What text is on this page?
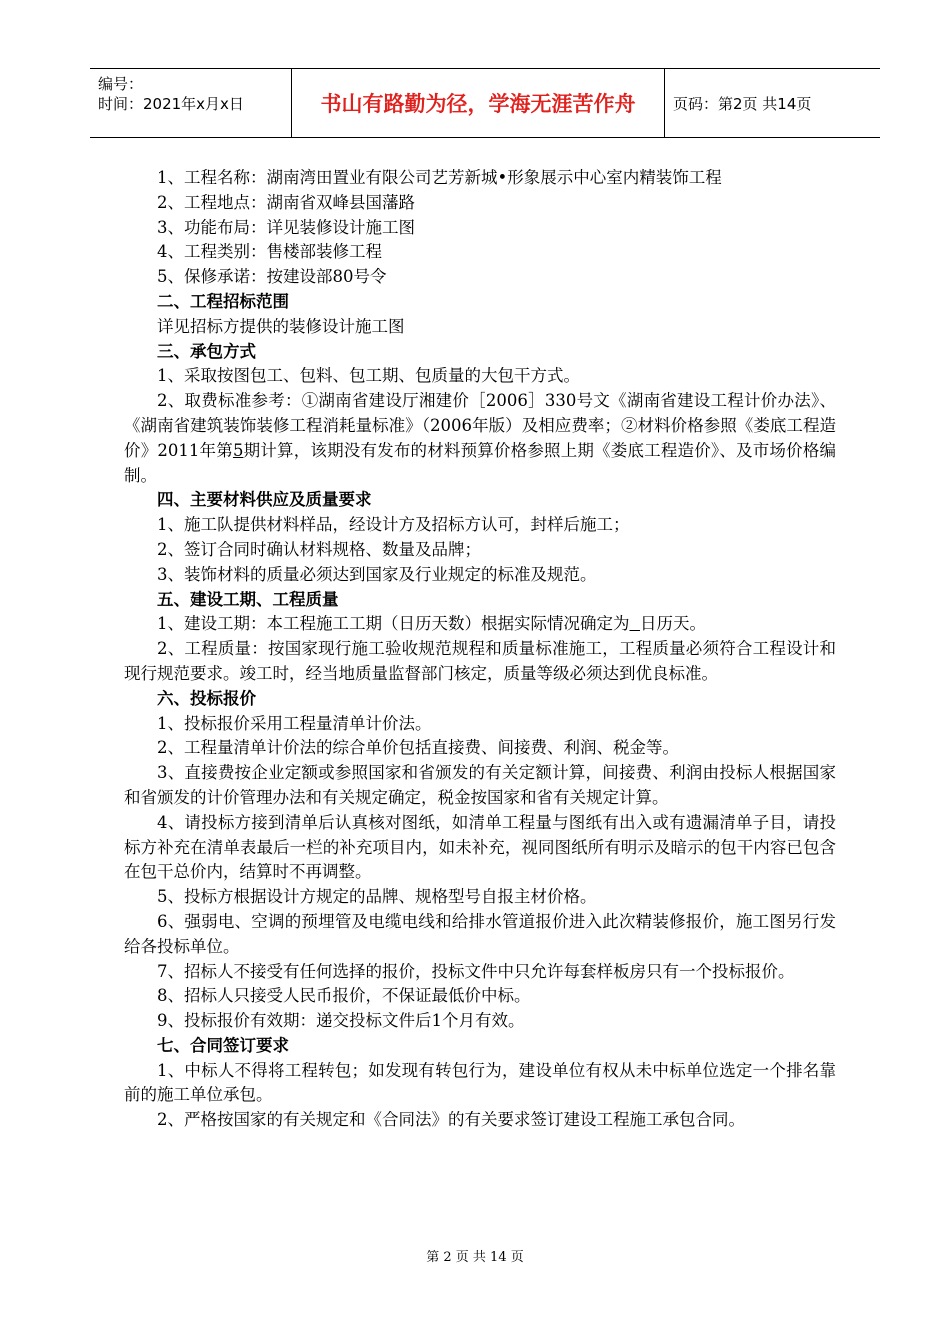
编号：
时间：2021年x月x日	书山有路勤为径，学海无涯苦作舟	页码：第2页 共14页

1、工程名称：湖南湾田置业有限公司艺芳新城•形象展示中心室内精装饰工程

2、工程地点：湖南省双峰县国藩路

3、功能布局：详见装修设计施工图

4、工程类别：售楼部装修工程

5、保修承诺：按建设部80号令

二、工程招标范围

详见招标方提供的装修设计施工图

三、承包方式

1、采取按图包工、包料、包工期、包质量的大包干方式。

2、取费标准参考：①湖南省建设厅湘建价［2006］330号文《湖南省建设工程计价办法》、《湖南省建筑装饰装修工程消耗量标准》（2006年版）及相应费率；②材料价格参照《娄底工程造价》2011年第5期计算，该期没有发布的材料预算价格参照上期《娄底工程造价》、及市场价格编制。

四、主要材料供应及质量要求

1、施工队提供材料样品，经设计方及招标方认可，封样后施工；

2、签订合同时确认材料规格、数量及品牌；

3、装饰材料的质量必须达到国家及行业规定的标准及规范。

五、建设工期、工程质量

1、建设工期：本工程施工工期（日历天数）根据实际情况确定为 日历天。

2、工程质量：按国家现行施工验收规范规程和质量标准施工，工程质量必须符合工程设计和现行规范要求。竣工时，经当地质量监督部门核定，质量等级必须达到优良标准。

六、投标报价

1、投标报价采用工程量清单计价法。

2、工程量清单计价法的综合单价包括直接费、间接费、利润、税金等。

3、直接费按企业定额或参照国家和省颁发的有关定额计算，间接费、利润由投标人根据国家和省颁发的计价管理办法和有关规定确定，税金按国家和省有关规定计算。

4、请投标方接到清单后认真核对图纸，如清单工程量与图纸有出入或有遗漏清单子目，请投标方补充在清单表最后一栏的补充项目内，如未补充，视同图纸所有明示及暗示的包干内容已包含在包干总价内，结算时不再调整。

5、投标方根据设计方规定的品牌、规格型号自报主材价格。

6、强弱电、空调的预埋管及电缆电线和给排水管道报价进入此次精装修报价，施工图另行发给各投标单位。

7、招标人不接受有任何选择的报价，投标文件中只允许每套样板房只有一个投标报价。

8、招标人只接受人民币报价，不保证最低价中标。

9、投标报价有效期：递交投标文件后1个月有效。

七、合同签订要求

1、中标人不得将工程转包；如发现有转包行为，建设单位有权从未中标单位选定一个排名靠前的施工单位承包。

2、严格按国家的有关规定和《合同法》的有关要求签订建设工程施工承包合同。

第 2 页 共 14 页
